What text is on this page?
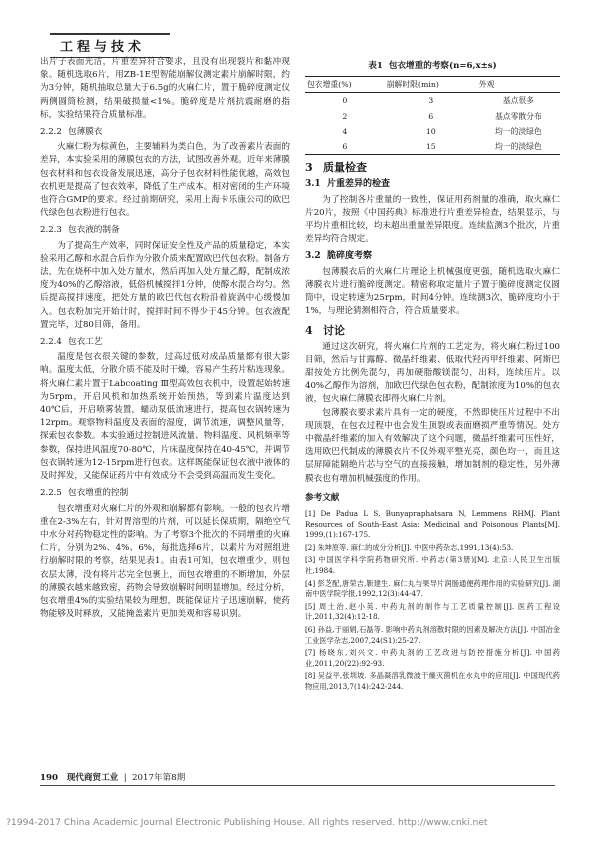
工程与技术

出片子表面光洁，片重差异符合要求，且没有出现裂片和黏冲现象。随机选取6片，用ZB-1E型智能崩解仪测定素片崩解时限，约为3分钟，随机抽取总量大于6.5g的火麻仁片，置于脆碎度测定仪两侧圆筒检测，结果破损量<1%。脆碎度是片剂抗震耐磨的指标，实验结果符合质量标准。

2.2.2 包薄膜衣

火麻仁粉为棕黄色，主要辅料为类白色，为了改善素片表面的差异，本实验采用的薄膜包衣的方法，试图改善外观。近年来薄膜包衣材料和包衣设备发展迅速，高分子包衣材料性能优越，高效包衣机更是提高了包衣效率，降低了生产成本。相对密闭的生产环境也符合GMP的要求。经过前期研究，采用上海卡乐康公司的欧巴代绿色包衣粉进行包衣。

2.2.3 包衣液的制备

为了提高生产效率，同时保证安全性及产品的质量稳定，本实验采用乙醇和水混合后作为分散介质来配置欧巴代包衣粉。制备方法，先在烧杯中加入处方量水，然后再加入处方量乙醇，配制成浓度为40%的乙醇溶液，低俗机械搅拌1分钟，使醇水混合均匀。然后提高搅拌速度，把处方量的欧巴代包衣粉沿着旋涡中心缓慢加入。包衣粉加完开始计时，搅拌时间不得少于45分钟。包衣液配置完毕，过80目筛，备用。

2.2.4 包衣工艺

温度是包衣很关键的参数，过高过低对成品质量都有很大影响。温度太低，分散介质不能及时干燥，容易产生药片粘连现象。将火麻仁素片置于Labcoating Ⅲ型高效包衣机中，设置起始转速为5rpm，开启风机和加热系统开始预热，等到素片温度达到40℃后，开启喷雾装置，蠕动泵低流速进行，提高包衣锅转速为12rpm。观察物料温度及表面的湿度，调节流速，调整风量等，探索包衣参数。本实验通过控制进风流量、物料温度、风机频率等参数，保持进风温度70-80℃，片床温度保持在40-45℃，并调节包衣锅转速为12-15rpm进行包衣。这样既能保证包衣液中液体的及时挥发，又能保证药片中有效成分不会受到高温而发生变化。

2.2.5 包衣增重的控制

包衣增重对火麻仁片的外观和崩解都有影响。一般的包衣片增重在2-3%左右，针对胃溶型的片剂，可以延长保质期，隔绝空气中水分对药物稳定性的影响。为了考察3个批次的不同增重的火麻仁片，分别为2%、4%、6%，每批选择6片，以素片为对照组进行崩解时限的考察，结果见表1。由表1可知，包衣增重少，则包衣层太薄，没有将片芯完全包裹上，而包衣增重的不断增加，外层的薄膜衣越来越致密，药物会导致崩解时间明显增加。经过分析，包衣增重4%的实验结果较为理想，既能保证片子迅速崩解，使药物能够及时释放，又能掩盖素片更加美观和容易识别。

表1 包衣增重的考察(n=6,x±s)
包衣增重(%)	崩解时限(min)	外观
0	3	基点很多
2	6	基点零散分布
4	10	均一的淡绿色
6	15	均一的淡绿色
3 质量检查
3.1 片重差异的检查

为了控制各片重量的一致性，保证用药剂量的准确，取火麻仁片20片，按照《中国药典》标准进行片重差异检查，结果显示，与平均片重相比较，均未超出重量差异限度。连续监测3个批次，片重差异均符合规定。

3.2 脆碎度考察

包薄膜衣后的火麻仁片理论上机械强度更强，随机选取火麻仁薄膜衣片进行脆碎度测定。精密称取定量片子置于脆碎度测定仪圆筒中，设定转速为25rpm，时间4分钟。连续测3次，脆碎度均小于1%，与理论猜测相符合，符合质量要求。

4 讨论

通过这次研究，将火麻仁片剂的工艺定为，将火麻仁粉过100目筛，然后与甘露醇、微晶纤维素、低取代羟丙甲纤维素、阿斯巴甜按处方比例先混匀，再加硬脂酸镁混匀，出料，连续压片。以40%乙醇作为溶剂，加欧巴代绿色包衣粉，配制浓度为10%的包衣液，包火麻仁薄膜衣即得火麻仁片剂。

包薄膜衣要求素片具有一定的硬度，不然即使压片过程中不出现顶裂，在包衣过程中也会发生顶裂或表面磨损严重等情况。处方中微晶纤维素的加入有效解决了这个问题，微晶纤维素可压性好，选用欧巴代制成的薄膜衣片不仅外观平整光亮，颜色均一，而且这层屏障能隔绝片芯与空气的直接接触，增加制剂的稳定性，另外薄膜衣也有增加机械强度的作用。

参考文献
[1] De Padua L S, Bunyapraphatsara N, Lemmens RHMJ. Plant Resources of South-East Asia: Medicinal and Poisonous Plants[M]. 1999,(1):167-175.
[2] 朱坤原等. 麻仁的成分分析[J]. 中医中药杂志,1991,13(4):53.
[3] 中国医学科学院药物研究所. 中药志(第3册)[M]. 北京:人民卫生出版社,1984.
[4] 彭芝配,唐荣吉,靳建生. 麻仁丸与果导片润肠通便药理作用的实验研究[J]. 湖南中医学院学报,1992,12(3):44-47.
[5] 周土治,赵小英. 中药丸剂的制作与工艺质量控制[J]. 医药工程设计,2011,32(4):12-18.
[6] 孙益,于丽娟,石磊等. 影响中药丸剂溶散时限的因素及解决方法[J]. 中国冶金工业医学杂志,2007,24(S1):25-27.
[7] 杨晓东,刘兴文. 中药丸剂的工艺改进与防控措施分析[J]. 中国药业,2011,20(22):92-93.
[8] 吴益平,张圳坡. 多晶凝溶乳微波干燥灭菌机在水丸中的应用[J]. 中国现代药物应用,2013,7(14):242-244.
190 现代商贸工业  |  2017年第8期
?1994-2017 China Academic Journal Electronic Publishing House. All rights reserved. http://www.cnki.net
